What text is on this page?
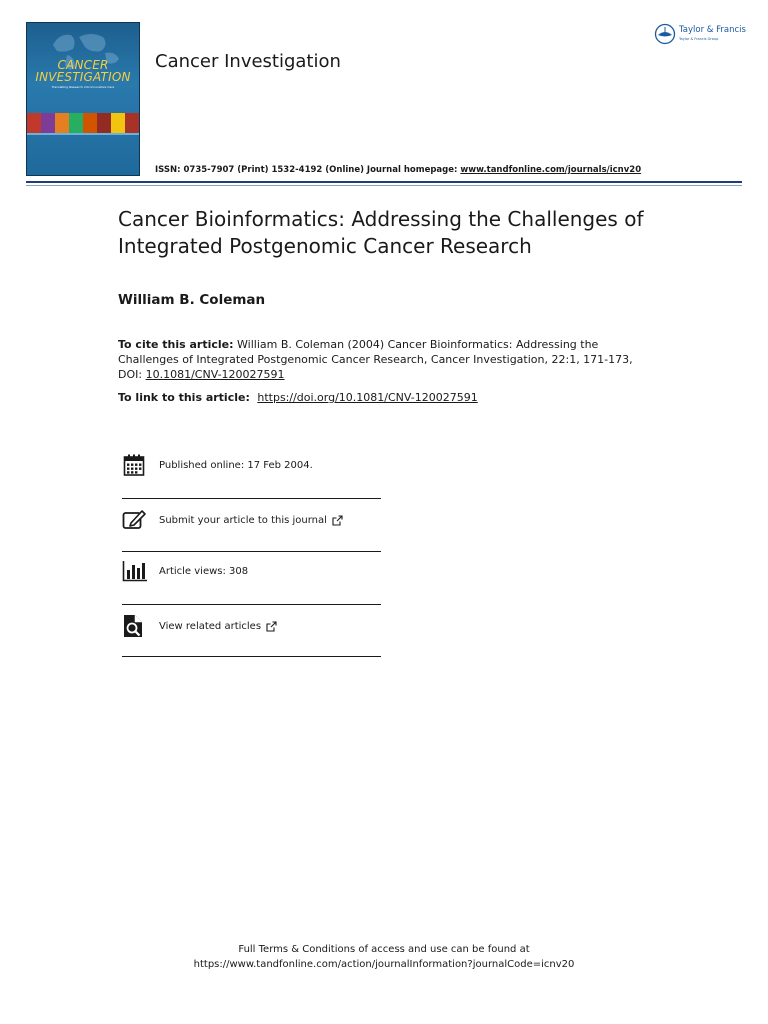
CANCER
INVESTIGATION
Translating Research into Innovative Care
Cancer Investigation
Taylor & Francis
Taylor & Francis Group
ISSN: 0735-7907 (Print) 1532-4192 (Online) Journal homepage: www.tandfonline.com/journals/icnv20
Cancer Bioinformatics: Addressing the Challenges of Integrated Postgenomic Cancer Research
William B. Coleman
To cite this article: William B. Coleman (2004) Cancer Bioinformatics: Addressing the Challenges of Integrated Postgenomic Cancer Research, Cancer Investigation, 22:1, 171-173, DOI: 10.1081/CNV-120027591
To link to this article: https://doi.org/10.1081/CNV-120027591
Published online: 17 Feb 2004.
Submit your article to this journal
Article views: 308
View related articles
Full Terms & Conditions of access and use can be found at
https://www.tandfonline.com/action/journalInformation?journalCode=icnv20
